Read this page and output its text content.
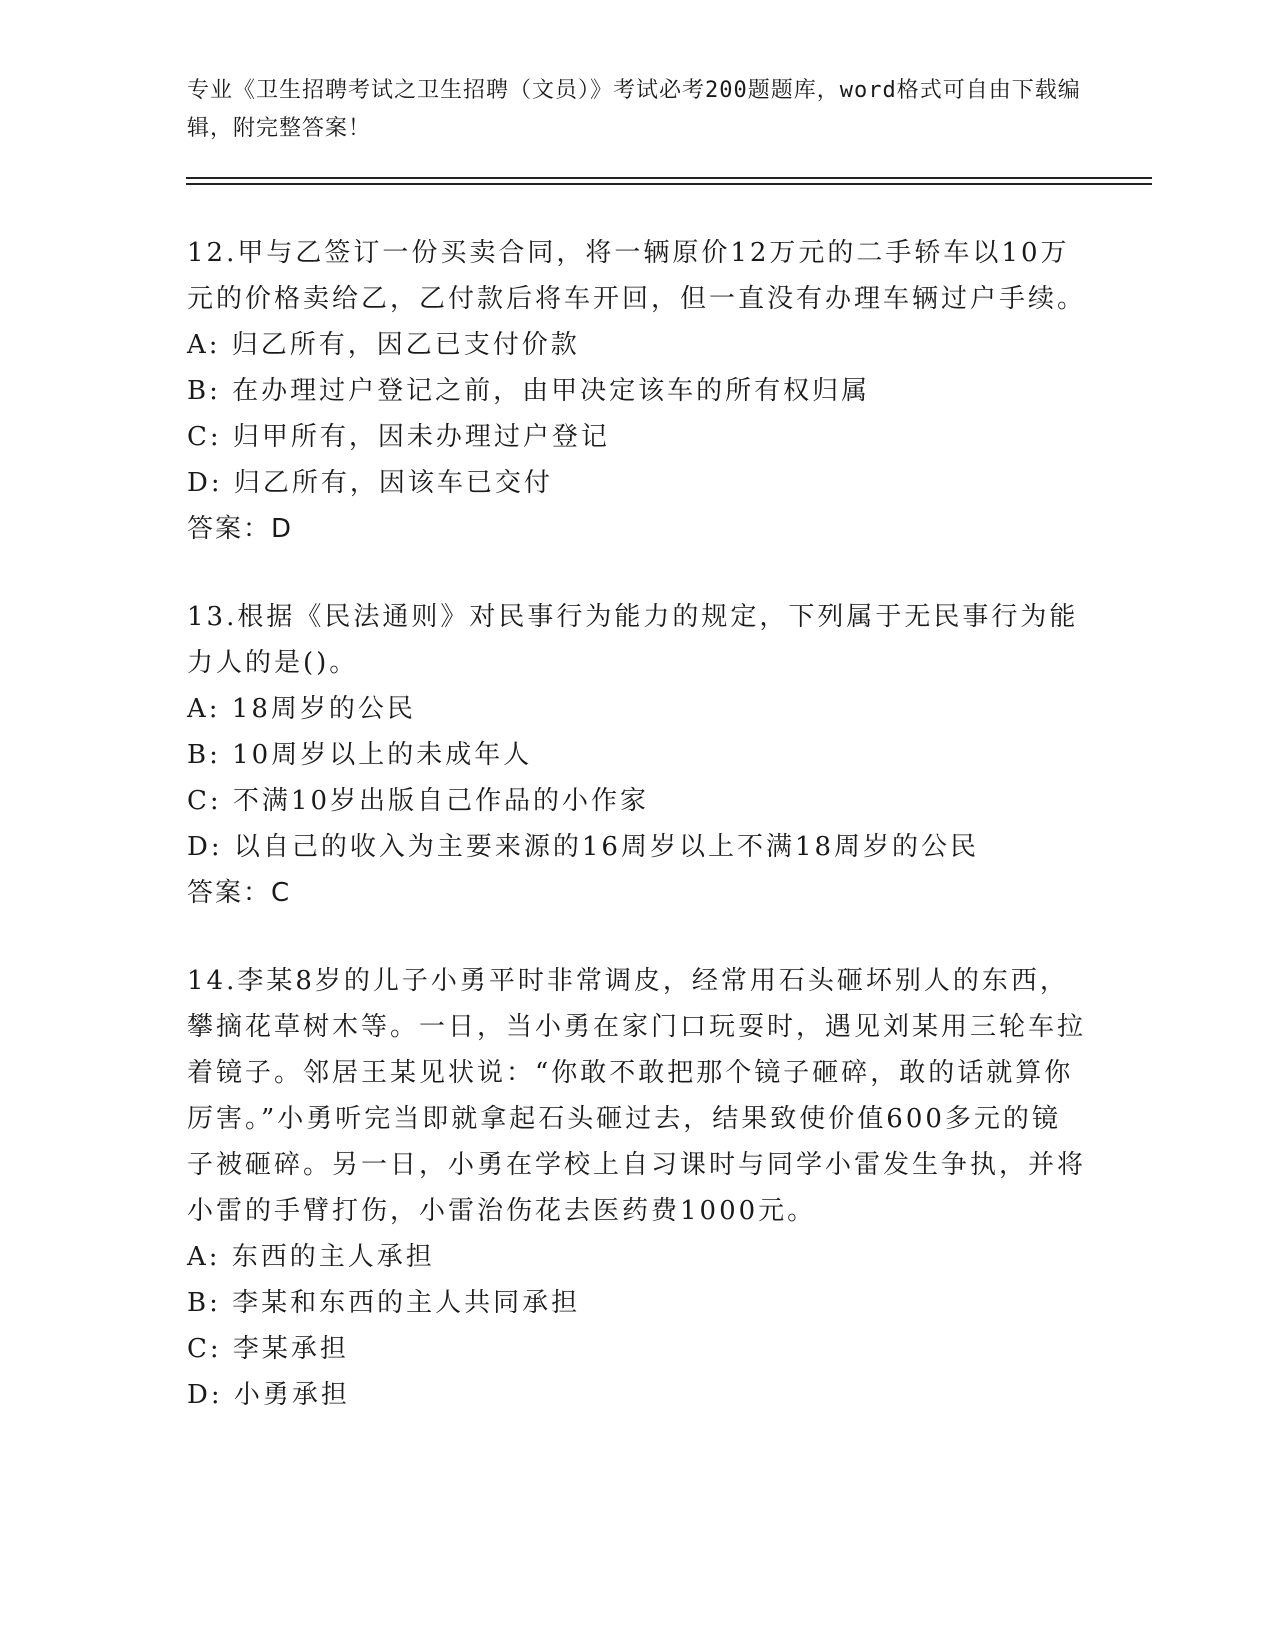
专业《卫生招聘考试之卫生招聘（文员）》考试必考200题题库，word格式可自由下载编辑，附完整答案！

12.甲与乙签订一份买卖合同，将一辆原价12万元的二手轿车以10万元的价格卖给乙，乙付款后将车开回，但一直没有办理车辆过户手续。

A: 归乙所有，因乙已支付价款
B: 在办理过户登记之前，由甲决定该车的所有权归属
C: 归甲所有，因未办理过户登记
D: 归乙所有，因该车已交付

答案：D

13.根据《民法通则》对民事行为能力的规定，下列属于无民事行为能力人的是()。

A: 18周岁的公民
B: 10周岁以上的未成年人
C: 不满10岁出版自己作品的小作家
D: 以自己的收入为主要来源的16周岁以上不满18周岁的公民

答案：C

14.李某8岁的儿子小勇平时非常调皮，经常用石头砸坏别人的东西，攀摘花草树木等。一日，当小勇在家门口玩耍时，遇见刘某用三轮车拉着镜子。邻居王某见状说：“你敢不敢把那个镜子砸碎，敢的话就算你厉害。”小勇听完当即就拿起石头砸过去，结果致使价值600多元的镜子被砸碎。另一日，小勇在学校上自习课时与同学小雷发生争执，并将小雷的手臂打伤，小雷治伤花去医药费1000元。

A: 东西的主人承担
B: 李某和东西的主人共同承担
C: 李某承担
D: 小勇承担
